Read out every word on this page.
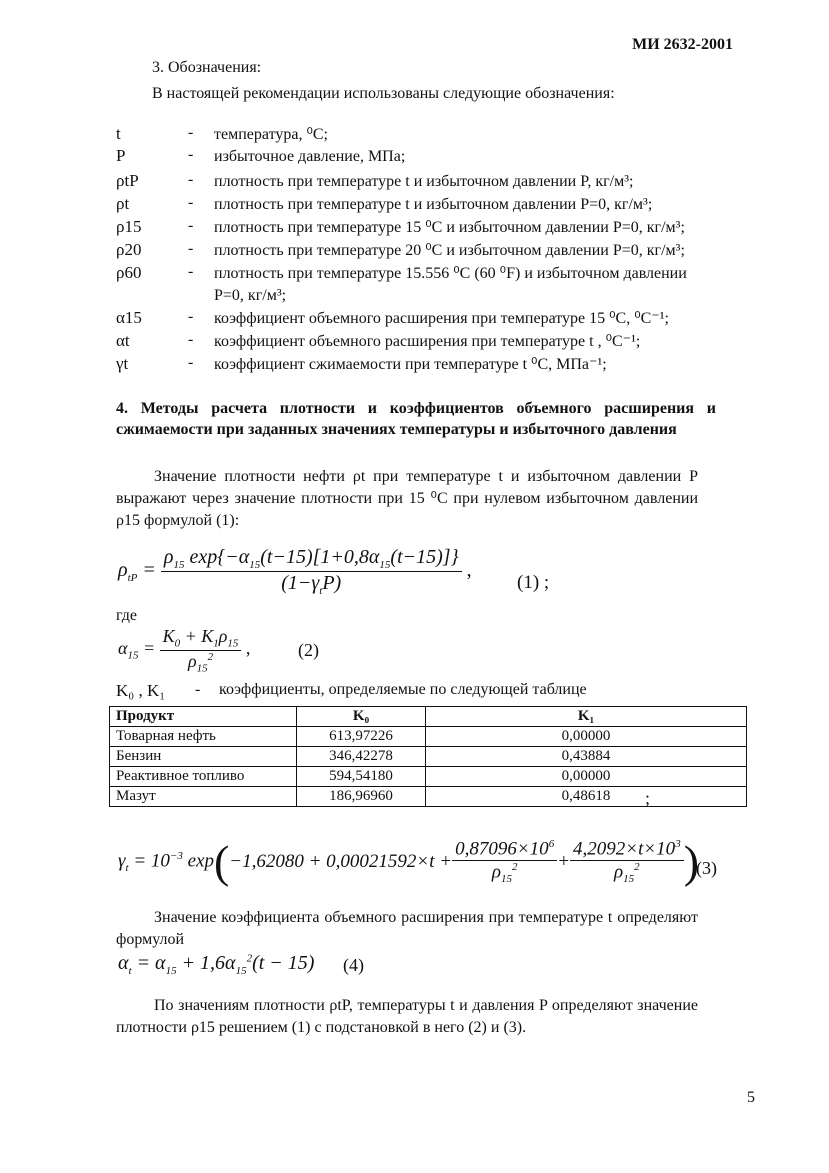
МИ 2632-2001
3. Обозначения:
В настоящей рекомендации использованы следующие обозначения:
t	- температура, ⁰С;
P	- избыточное давление, МПа;
ρtP	- плотность при температуре t и избыточном давлении P, кг/м³;
ρt	- плотность при температуре t и избыточном давлении P=0, кг/м³;
ρ15	- плотность при температуре 15 ⁰С и избыточном давлении P=0, кг/м³;
ρ20	- плотность при температуре 20 ⁰С и избыточном давлении P=0, кг/м³;
ρ60	- плотность при температуре 15.556 ⁰С (60 ⁰F) и избыточном давлении P=0, кг/м³;
α15	- коэффициент объемного расширения при температуре 15 ⁰С, ⁰С⁻¹;
αt	- коэффициент объемного расширения при температуре t , ⁰С⁻¹;
γt	- коэффициент сжимаемости при температуре t ⁰С, МПа⁻¹;
4. Методы расчета плотности и коэффициентов объемного расширения и сжимаемости при заданных значениях температуры и избыточного давления
Значение плотности нефти ρt при температуре t и избыточном давлении P выражают через значение плотности при 15 ⁰С при нулевом избыточном давлении ρ15 формулой (1):
$\rho_{tP} = \frac{\rho_{15} \exp\{-\alpha_{15}(t-15)[1+0,8\alpha_{15}(t-15)]\}}{(1-\gamma_tP)}$ ,
(1) ;
где
$\alpha_{15} = \frac{K_0 + K_1\rho_{15}}{\rho_{15}^2}$ ,	(2)
K₀ , K₁ - коэффициенты, определяемые по следующей таблице
Продукт	K₀	K₁
Товарная нефть	613,97226	0,00000
Бензин	346,42278	0,43884
Реактивное топливо	594,54180	0,00000
Мазут	186,96960	0,48618 ;
$\gamma_t = 10^{-3}$ exp ( $-1,62080 + 0,00021592\times t + \frac{0,87096\times 10^6}{\rho_{15}^2} + \frac{4,2092\times t\times 10^3}{\rho_{15}^2}$ )
(3)
Значение коэффициента объемного расширения при температуре t определяют формулой
$\alpha_t = \alpha_{15} + 1,6\alpha_{15}^2(t - 15)$ (4)
По значениям плотности ρtP, температуры t и давления P определяют значение плотности ρ15 решением (1) с подстановкой в него (2) и (3).
5
